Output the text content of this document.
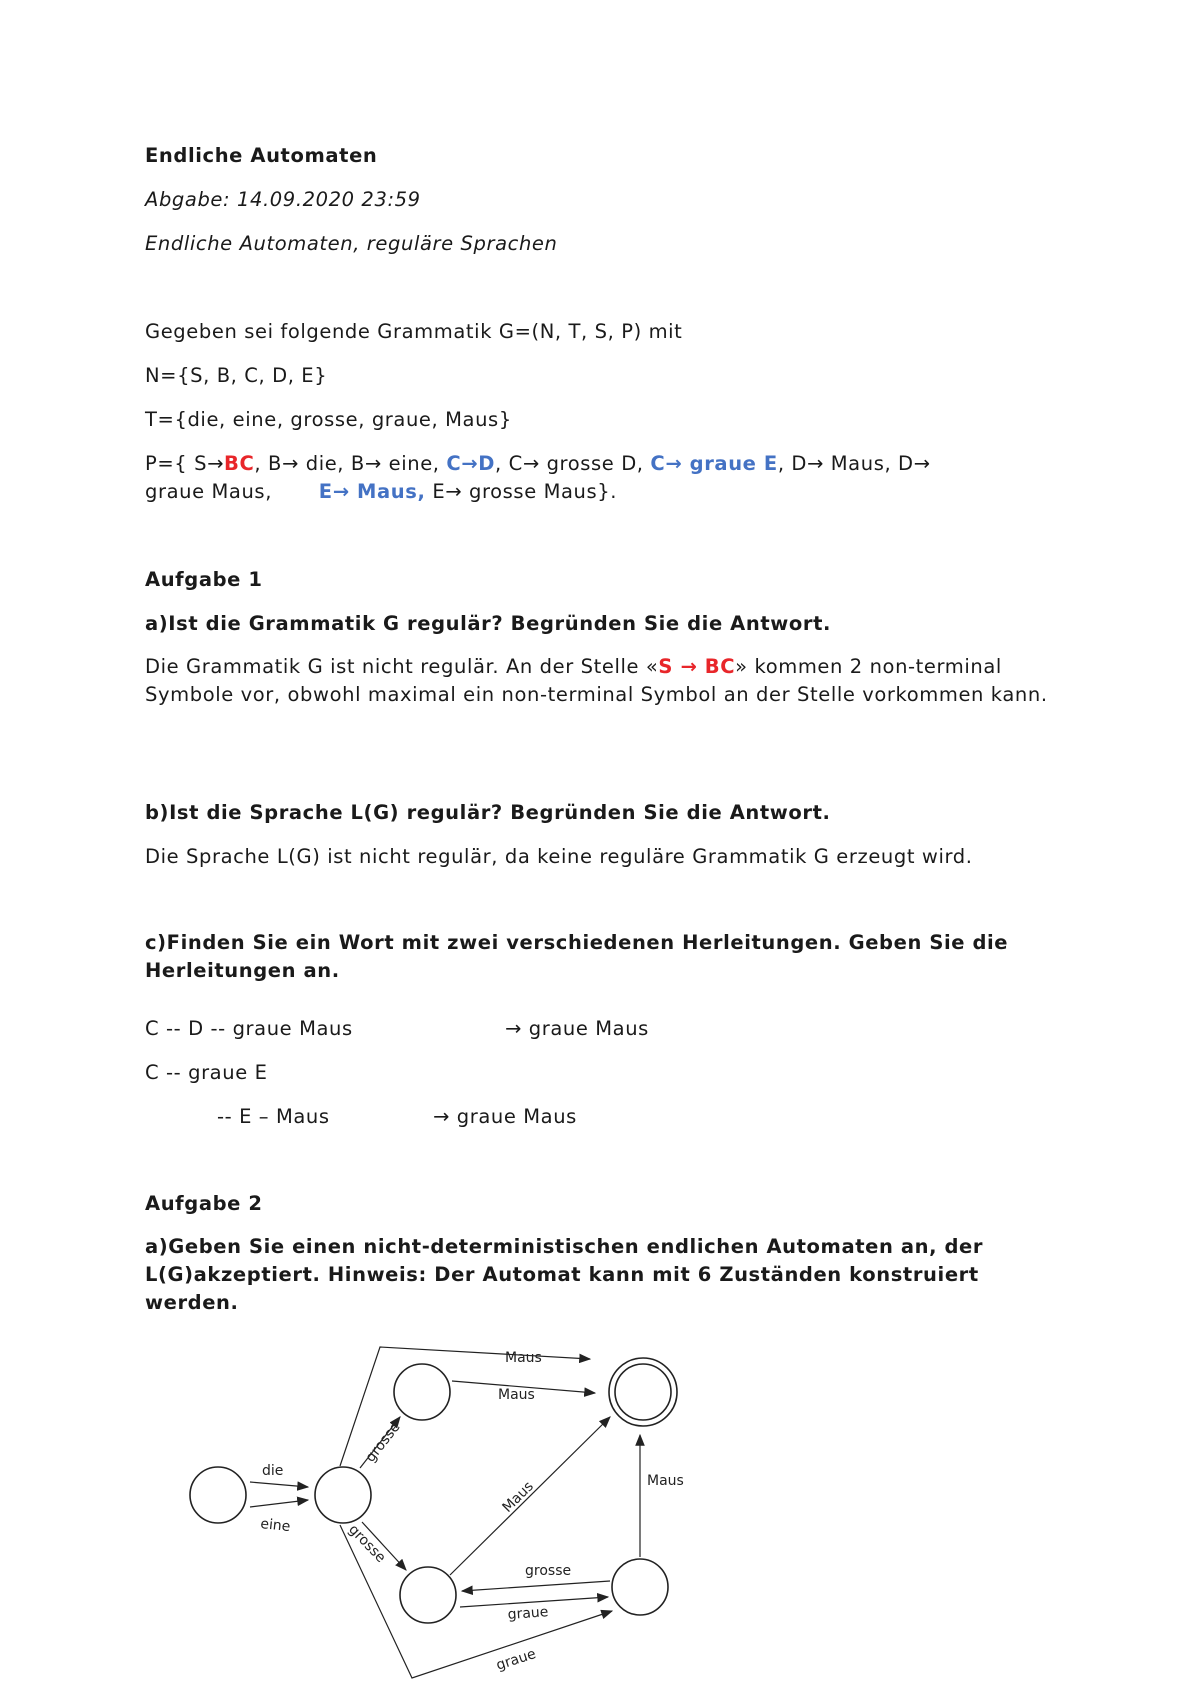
Endliche Automaten
Abgabe: 14.09.2020 23:59
Endliche Automaten, reguläre Sprachen
Gegeben sei folgende Grammatik G=(N, T, S, P) mit
N={S, B, C, D, E}
T={die, eine, grosse, graue, Maus}
P={ S→BC, B→ die, B→ eine, C→D, C→ grosse D, C→ graue E, D→ Maus, D→
graue Maus, E→ Maus, E→ grosse Maus}.
Aufgabe 1
a)Ist die Grammatik G regulär? Begründen Sie die Antwort.
Die Grammatik G ist nicht regulär. An der Stelle «S → BC» kommen 2 non-terminal Symbole vor, obwohl maximal ein non-terminal Symbol an der Stelle vorkommen kann.
b)Ist die Sprache L(G) regulär? Begründen Sie die Antwort.
Die Sprache L(G) ist nicht regulär, da keine reguläre Grammatik G erzeugt wird.
c)Finden Sie ein Wort mit zwei verschiedenen Herleitungen. Geben Sie die Herleitungen an.
C -- D -- graue Maus	→ graue Maus
C -- graue E
-- E – Maus	→ graue Maus
Aufgabe 2
a)Geben Sie einen nicht-deterministischen endlichen Automaten an, der L(G)akzeptiert. Hinweis: Der Automat kann mit 6 Zuständen konstruiert werden.
die
eine
grosse
grosse
Maus
Maus
Maus	Maus
grosse
graue
graue
